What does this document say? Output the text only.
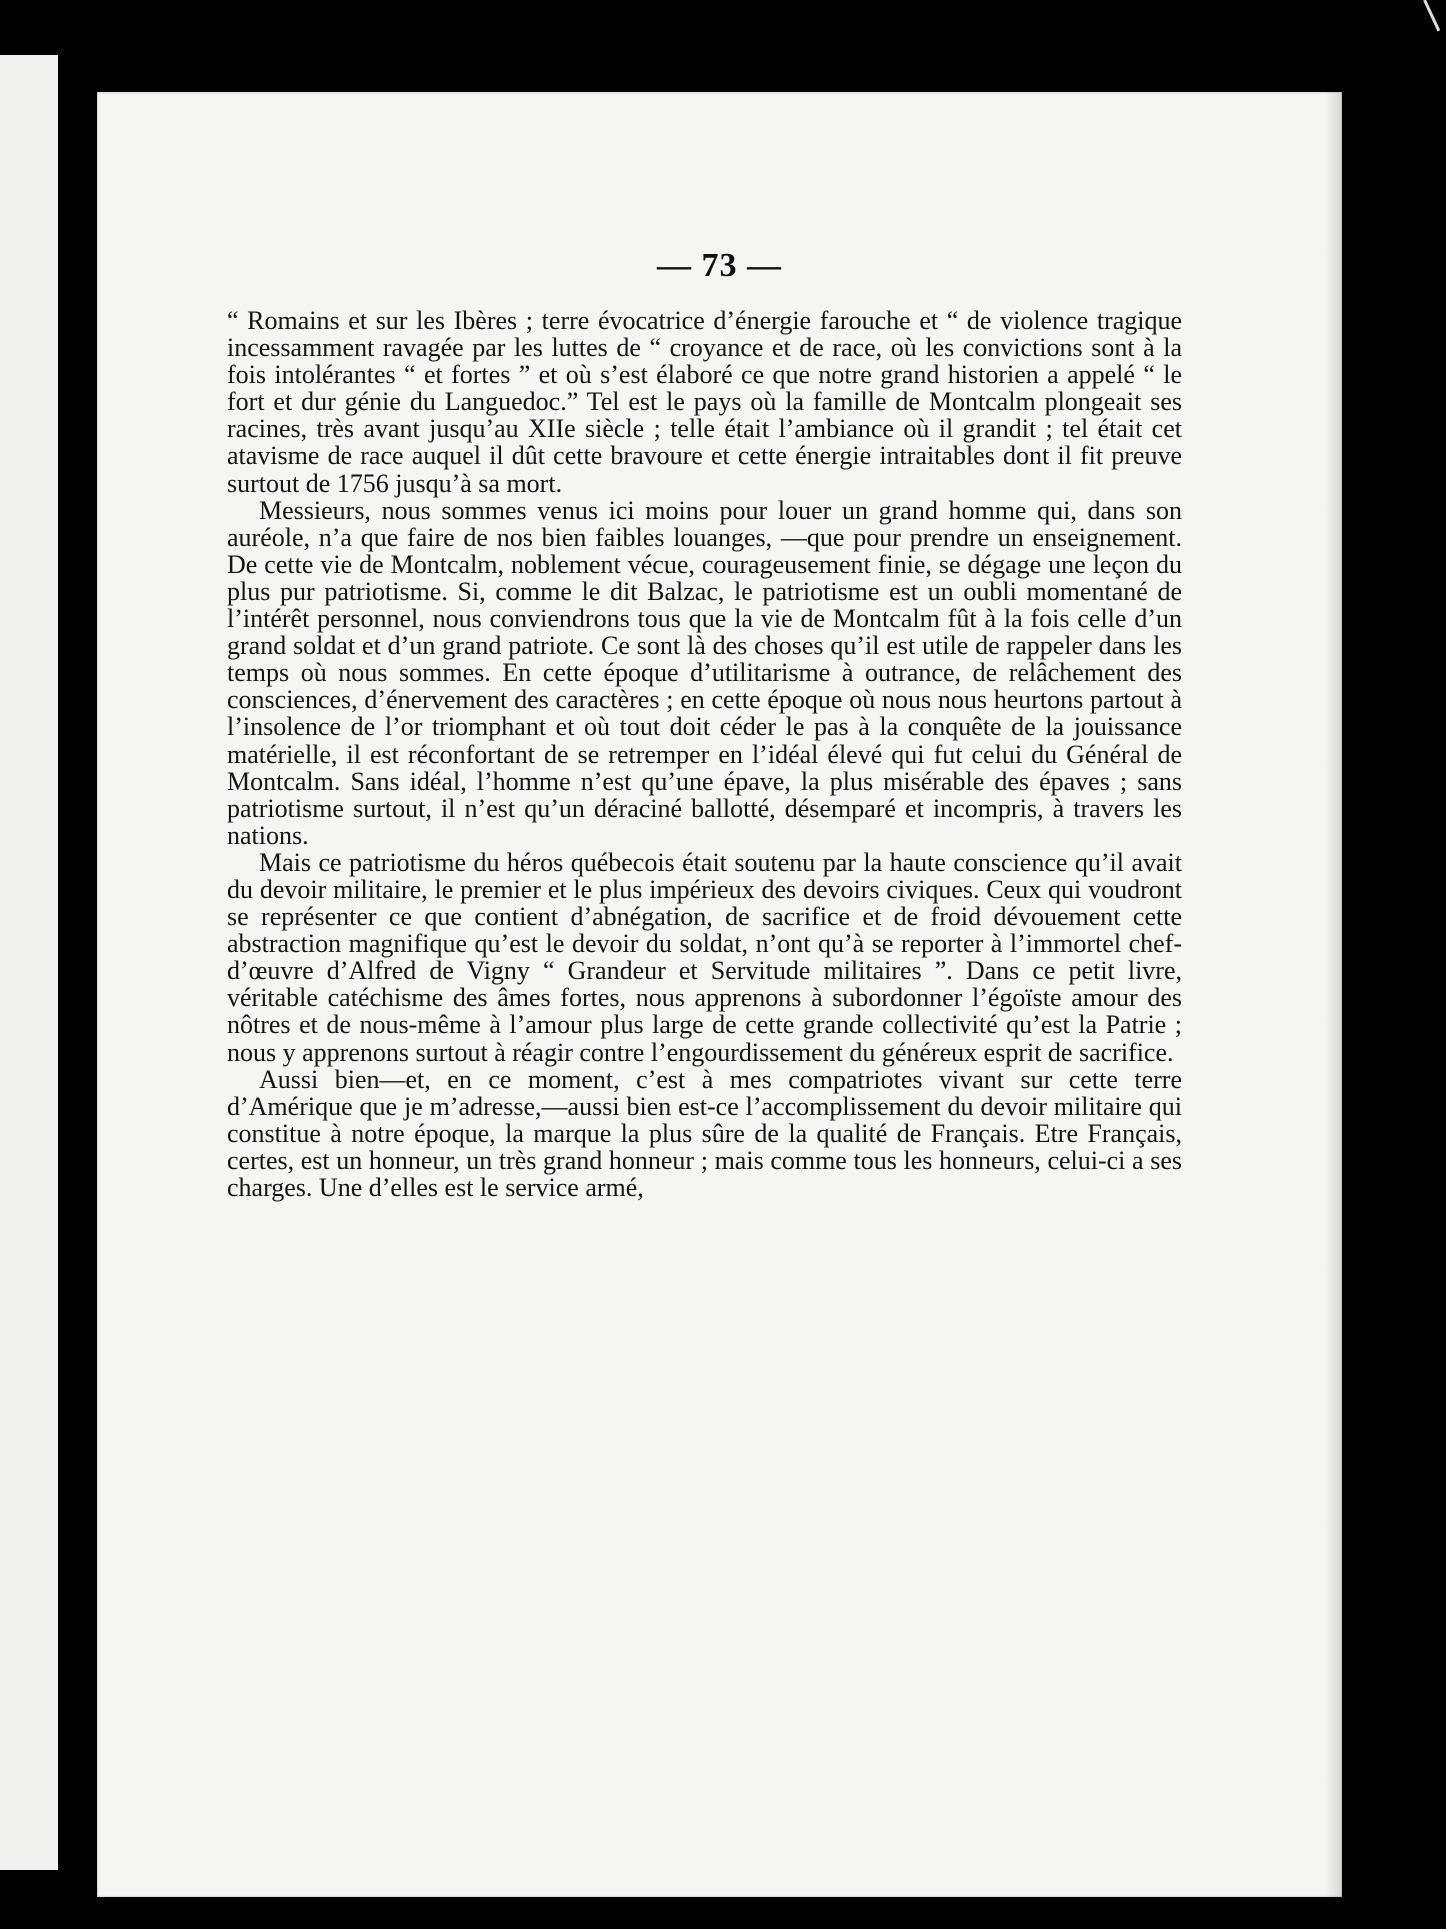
— 73 —

“ Romains et sur les Ibères ; terre évocatrice d’énergie farouche et “ de violence tragique incessamment ravagée par les luttes de “ croyance et de race, où les convictions sont à la fois intolérantes “ et fortes ” et où s’est élaboré ce que notre grand historien a appelé “ le fort et dur génie du Languedoc.” Tel est le pays où la famille de Montcalm plongeait ses racines, très avant jusqu’au XIIe siècle ; telle était l’ambiance où il grandit ; tel était cet atavisme de race auquel il dût cette bravoure et cette énergie intraitables dont il fit preuve surtout de 1756 jusqu’à sa mort.

Messieurs, nous sommes venus ici moins pour louer un grand homme qui, dans son auréole, n’a que faire de nos bien faibles louanges, —que pour prendre un enseignement. De cette vie de Montcalm, noblement vécue, courageusement finie, se dégage une leçon du plus pur patriotisme. Si, comme le dit Balzac, le patriotisme est un oubli momentané de l’intérêt personnel, nous conviendrons tous que la vie de Montcalm fût à la fois celle d’un grand soldat et d’un grand patriote. Ce sont là des choses qu’il est utile de rappeler dans les temps où nous sommes. En cette époque d’utilitarisme à outrance, de relâchement des consciences, d’énervement des caractères ; en cette époque où nous nous heurtons partout à l’insolence de l’or triomphant et où tout doit céder le pas à la conquête de la jouissance matérielle, il est réconfortant de se retremper en l’idéal élevé qui fut celui du Général de Montcalm. Sans idéal, l’homme n’est qu’une épave, la plus misérable des épaves ; sans patriotisme surtout, il n’est qu’un déraciné ballotté, désemparé et incompris, à travers les nations.

Mais ce patriotisme du héros québecois était soutenu par la haute conscience qu’il avait du devoir militaire, le premier et le plus impérieux des devoirs civiques. Ceux qui voudront se représenter ce que contient d’abnégation, de sacrifice et de froid dévouement cette abstraction magnifique qu’est le devoir du soldat, n’ont qu’à se reporter à l’immortel chef-d’œuvre d’Alfred de Vigny “ Grandeur et Servitude militaires ”. Dans ce petit livre, véritable catéchisme des âmes fortes, nous apprenons à subordonner l’égoïste amour des nôtres et de nous-même à l’amour plus large de cette grande collectivité qu’est la Patrie ; nous y apprenons surtout à réagir contre l’engourdissement du généreux esprit de sacrifice.

Aussi bien—et, en ce moment, c’est à mes compatriotes vivant sur cette terre d’Amérique que je m’adresse,—aussi bien est-ce l’accomplissement du devoir militaire qui constitue à notre époque, la marque la plus sûre de la qualité de Français. Etre Français, certes, est un honneur, un très grand honneur ; mais comme tous les honneurs, celui-ci a ses charges. Une d’elles est le service armé,
